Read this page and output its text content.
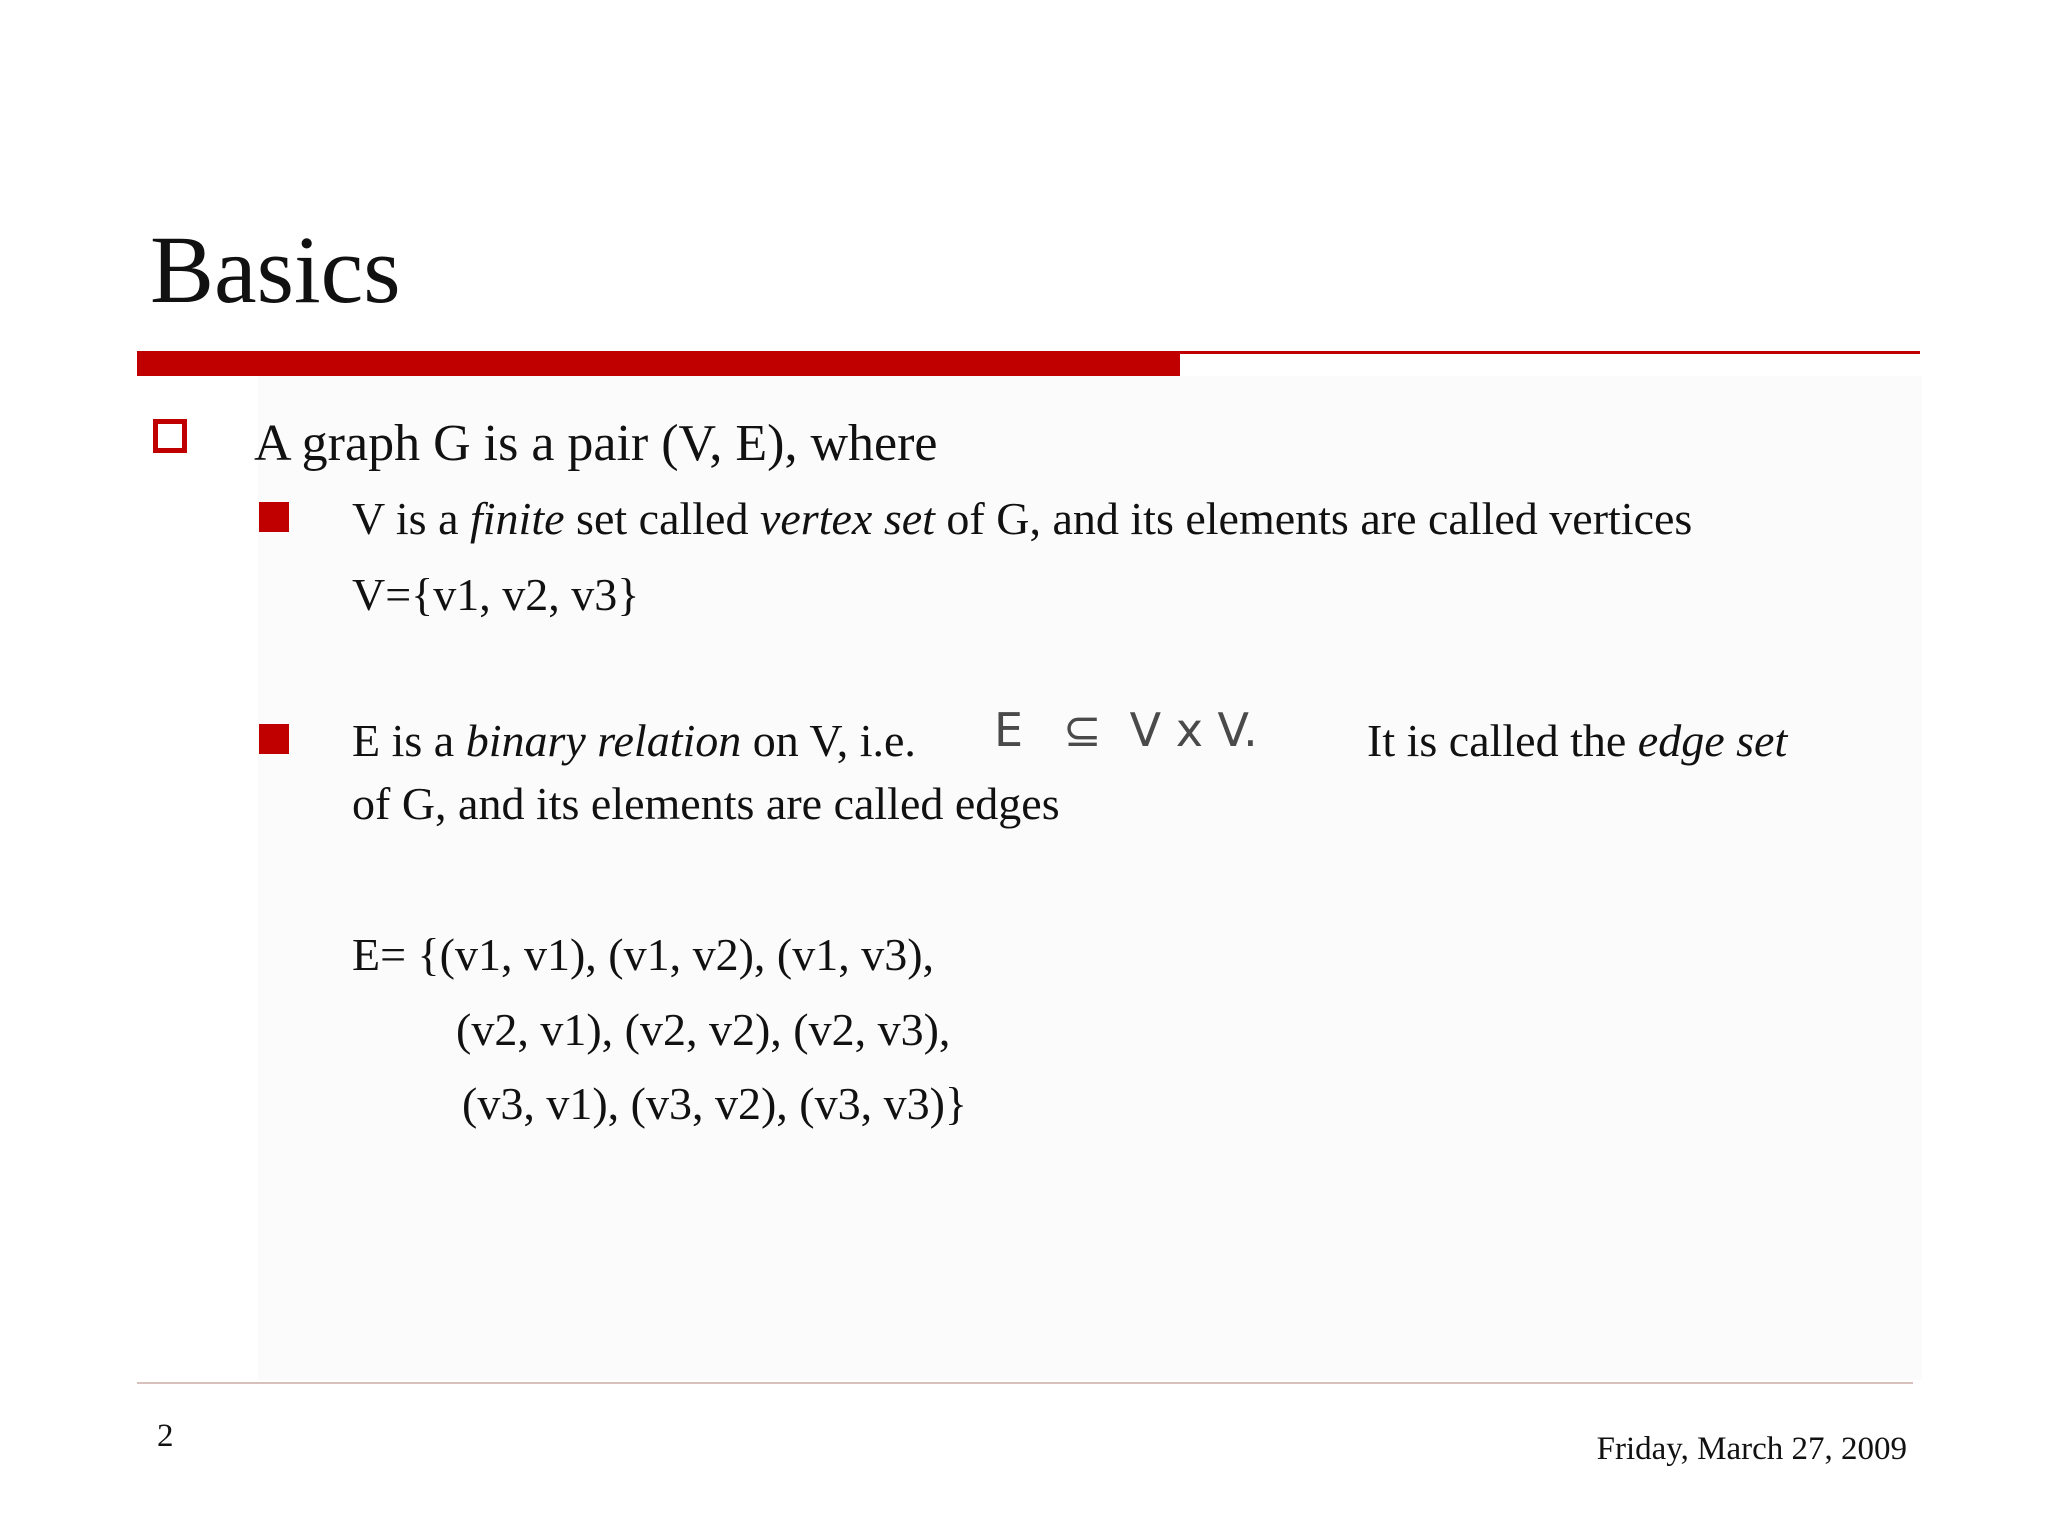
Basics
A graph G is a pair (V, E), where
V is a finite set called vertex set of G, and its elements are called vertices
V={v1, v2, v3}
E is a binary relation on V, i.e. E ⊆ V x V. It is called the edge set
of G, and its elements are called edges
E= {(v1, v1), (v1, v2), (v1, v3),
(v2, v1), (v2, v2), (v2, v3),
(v3, v1), (v3, v2), (v3, v3)}
2	Friday, March 27, 2009
